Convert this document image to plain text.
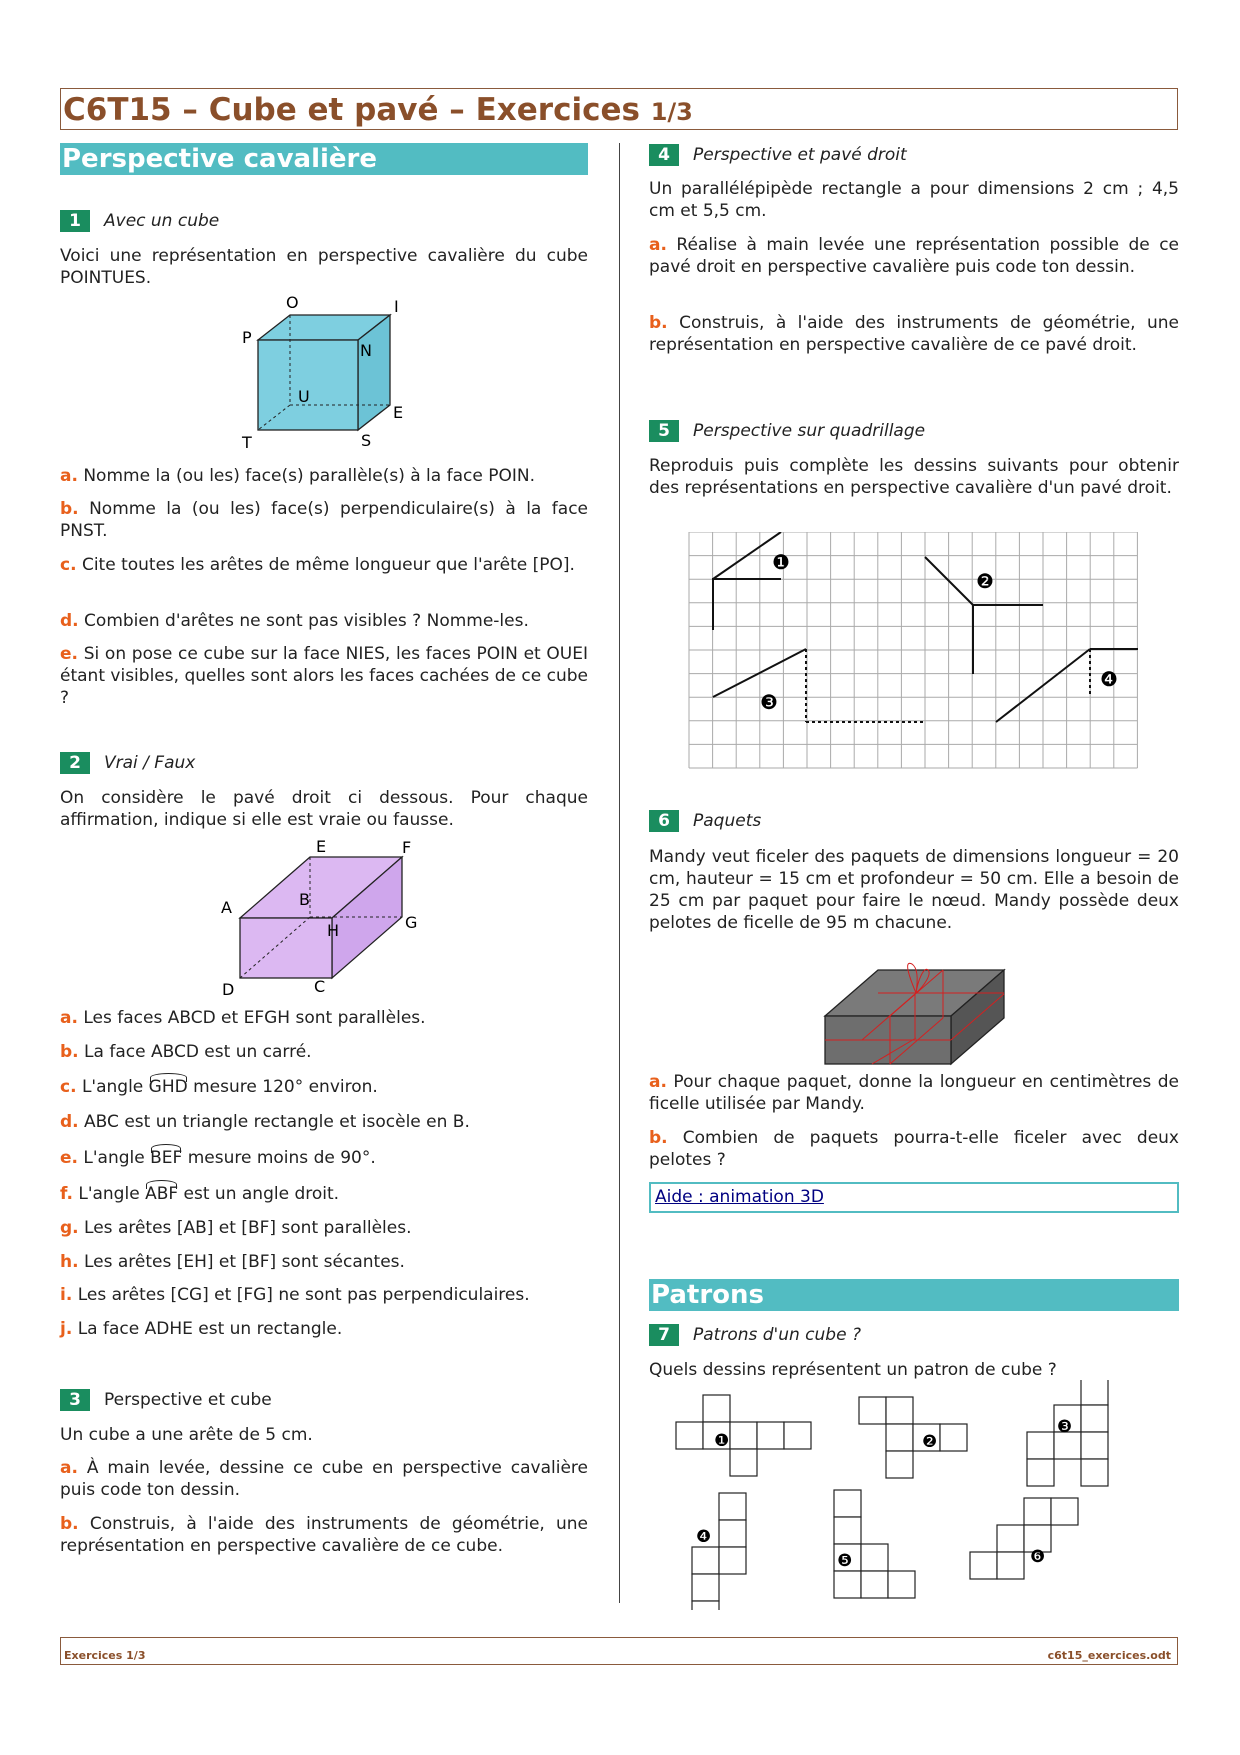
C6T15 – Cube et pavé – Exercices 1/3
Perspective cavalière
1	Avec un cube
Voici une représentation en perspective cavalière du cube POINTUES.
O	I
P
N
U
E
T	S
a. Nomme la (ou les) face(s) parallèle(s) à la face POIN.
b. Nomme la (ou les) face(s) perpendiculaire(s) à la face PNST.
c. Cite toutes les arêtes de même longueur que l'arête [PO].
d. Combien d'arêtes ne sont pas visibles ? Nomme-les.
e. Si on pose ce cube sur la face NIES, les faces POIN et OUEI étant visibles, quelles sont alors les faces cachées de ce cube ?
2	Vrai / Faux
On considère le pavé droit ci dessous. Pour chaque affirmation, indique si elle est vraie ou fausse.
E	F
A	B
H	G
D	C
a. Les faces ABCD et EFGH sont parallèles.
b. La face ABCD est un carré.
c. L'angle GHD mesure 120° environ.
d. ABC est un triangle rectangle et isocèle en B.
e. L'angle BEF mesure moins de 90°.
f. L'angle ABF est un angle droit.
g. Les arêtes [AB] et [BF] sont parallèles.
h. Les arêtes [EH] et [BF] sont sécantes.
i. Les arêtes [CG] et [FG] ne sont pas perpendiculaires.
j. La face ADHE est un rectangle.
3	Perspective et cube
Un cube a une arête de 5 cm.
a. À main levée, dessine ce cube en perspective cavalière puis code ton dessin.
b. Construis, à l'aide des instruments de géométrie, une représentation en perspective cavalière de ce cube.
4	Perspective et pavé droit
Un parallélépipède rectangle a pour dimensions 2 cm ; 4,5 cm et 5,5 cm.
a. Réalise à main levée une représentation possible de ce pavé droit en perspective cavalière puis code ton dessin.
b. Construis, à l'aide des instruments de géométrie, une représentation en perspective cavalière de ce pavé droit.
5	Perspective sur quadrillage
Reproduis puis complète les dessins suivants pour obtenir des représentations en perspective cavalière d'un pavé droit.
❶
❷
❸
❹
6	Paquets
Mandy veut ficeler des paquets de dimensions longueur = 20 cm, hauteur = 15 cm et profondeur = 50 cm. Elle a besoin de 25 cm par paquet pour faire le nœud. Mandy possède deux pelotes de ficelle de 95 m chacune.
a. Pour chaque paquet, donne la longueur en centimètres de ficelle utilisée par Mandy.
b. Combien de paquets pourra-t-elle ficeler avec deux pelotes ?
Aide : animation 3D
Patrons
7	Patrons d'un cube ?
Quels dessins représentent un patron de cube ?
❶	❷
❸
❹
❺	❻
Exercices 1/3	c6t15_exercices.odt
